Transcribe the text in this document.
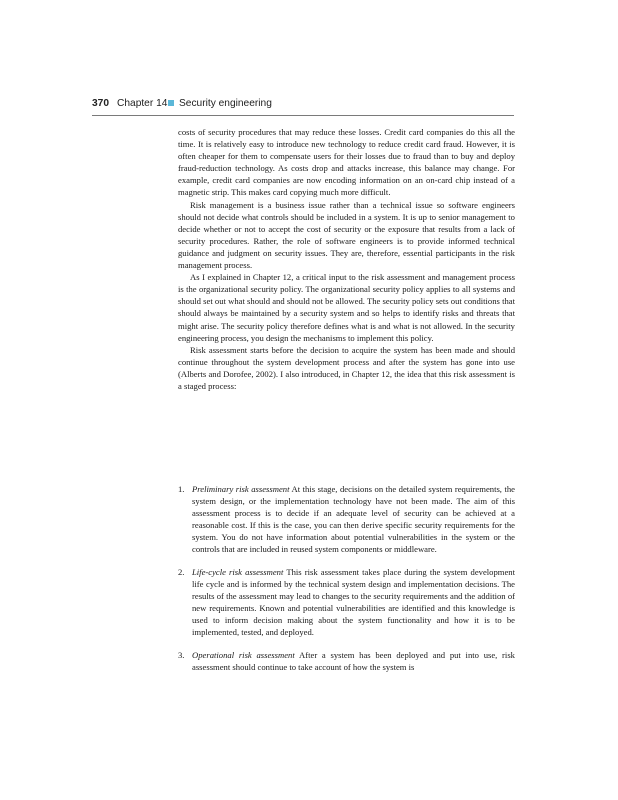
370 Chapter 14 Security engineering

costs of security procedures that may reduce these losses. Credit card companies do this all the time. It is relatively easy to introduce new technology to reduce credit card fraud. However, it is often cheaper for them to compensate users for their losses due to fraud than to buy and deploy fraud-reduction technology. As costs drop and attacks increase, this balance may change. For example, credit card companies are now encoding information on an on-card chip instead of a magnetic strip. This makes card copying much more difficult.

Risk management is a business issue rather than a technical issue so software engineers should not decide what controls should be included in a system. It is up to senior management to decide whether or not to accept the cost of security or the exposure that results from a lack of security procedures. Rather, the role of software engineers is to provide informed technical guidance and judgment on security issues. They are, therefore, essential participants in the risk management process.

As I explained in Chapter 12, a critical input to the risk assessment and management process is the organizational security policy. The organizational security policy applies to all systems and should set out what should and should not be allowed. The security policy sets out conditions that should always be maintained by a security system and so helps to identify risks and threats that might arise. The security policy therefore defines what is and what is not allowed. In the security engineering process, you design the mechanisms to implement this policy.

Risk assessment starts before the decision to acquire the system has been made and should continue throughout the system development process and after the system has gone into use (Alberts and Dorofee, 2002). I also introduced, in Chapter 12, the idea that this risk assessment is a staged process:

1. Preliminary risk assessment At this stage, decisions on the detailed system requirements, the system design, or the implementation technology have not been made. The aim of this assessment process is to decide if an adequate level of security can be achieved at a reasonable cost. If this is the case, you can then derive specific security requirements for the system. You do not have information about potential vulnerabilities in the system or the controls that are included in reused system components or middleware.
2. Life-cycle risk assessment This risk assessment takes place during the system development life cycle and is informed by the technical system design and implementation decisions. The results of the assessment may lead to changes to the security requirements and the addition of new requirements. Known and potential vulnerabilities are identified and this knowledge is used to inform decision making about the system functionality and how it is to be implemented, tested, and deployed.
3. Operational risk assessment After a system has been deployed and put into use, risk assessment should continue to take account of how the system is
